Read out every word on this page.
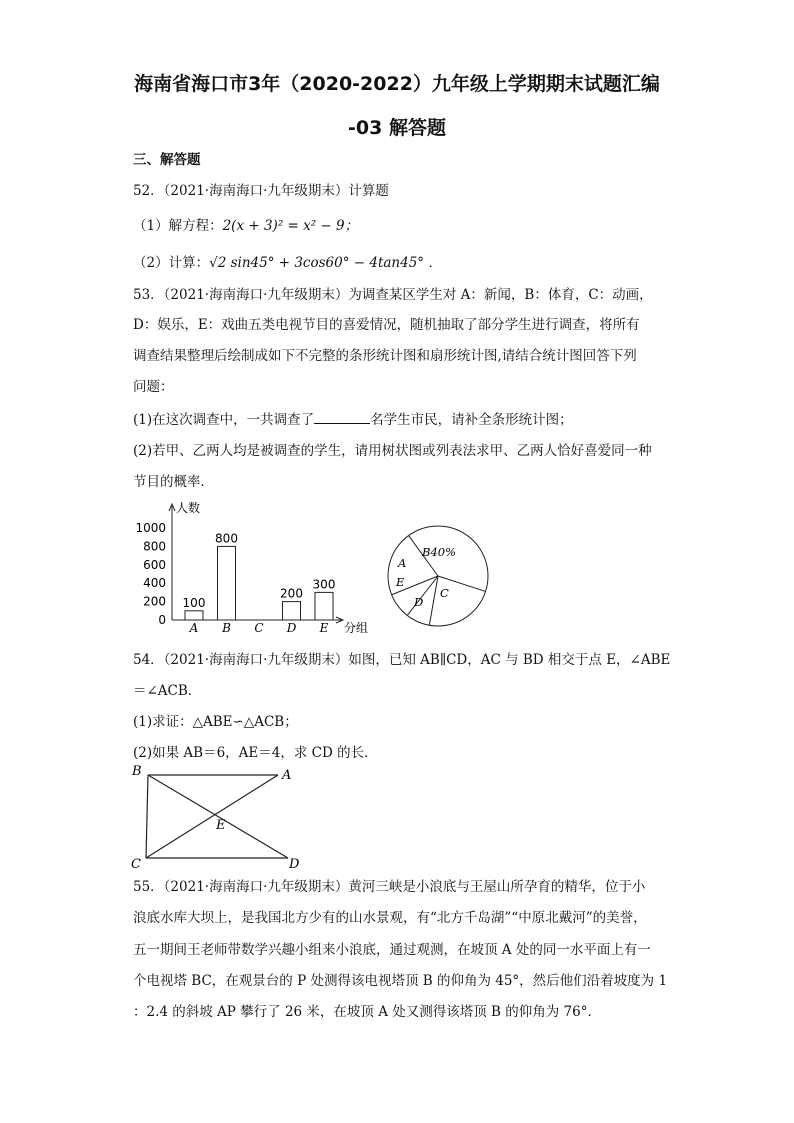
海南省海口市3年（2020-2022）九年级上学期期末试题汇编
-03 解答题
三、解答题
52．（2021·海南海口·九年级期末）计算题
（1）解方程：2(x + 3)² = x² − 9；
（2）计算：√2 sin45° + 3cos60° − 4tan45° ．
53．（2021·海南海口·九年级期末）为调查某区学生对 A：新闻，B：体育，C：动画，
D：娱乐，E：戏曲五类电视节目的喜爱情况，随机抽取了部分学生进行调查，将所有
调查结果整理后绘制成如下不完整的条形统计图和扇形统计图,请结合统计图回答下列
问题：
(1)在这次调查中，一共调查了	名学生市民，请补全条形统计图；
(2)若甲、乙两人均是被调查的学生，请用树状图或列表法求甲、乙两人恰好喜爱同一种
节目的概率．
人数
分组
0
200
400
600
800
1000
A
100
B
800
C D
200
E
300
B40%
C
D
E
A
54．（2021·海南海口·九年级期末）如图，已知 AB∥CD，AC 与 BD 相交于点 E，∠ABE
＝∠ACB．
(1)求证：△ABE∽△ACB；
(2)如果 AB＝6，AE＝4，求 CD 的长．
B	A
E
C	D
55．（2021·海南海口·九年级期末）黄河三峡是小浪底与王屋山所孕育的精华，位于小
浪底水库大坝上，是我国北方少有的山水景观，有“北方千岛湖”“中原北戴河”的美誉，
五一期间王老师带数学兴趣小组来小浪底，通过观测，在坡顶 A 处的同一水平面上有一
个电视塔 BC，在观景台的 P 处测得该电视塔顶 B 的仰角为 45°，然后他们沿着坡度为 1
：2.4 的斜坡 AP 攀行了 26 米，在坡顶 A 处又测得该塔顶 B 的仰角为 76°．
